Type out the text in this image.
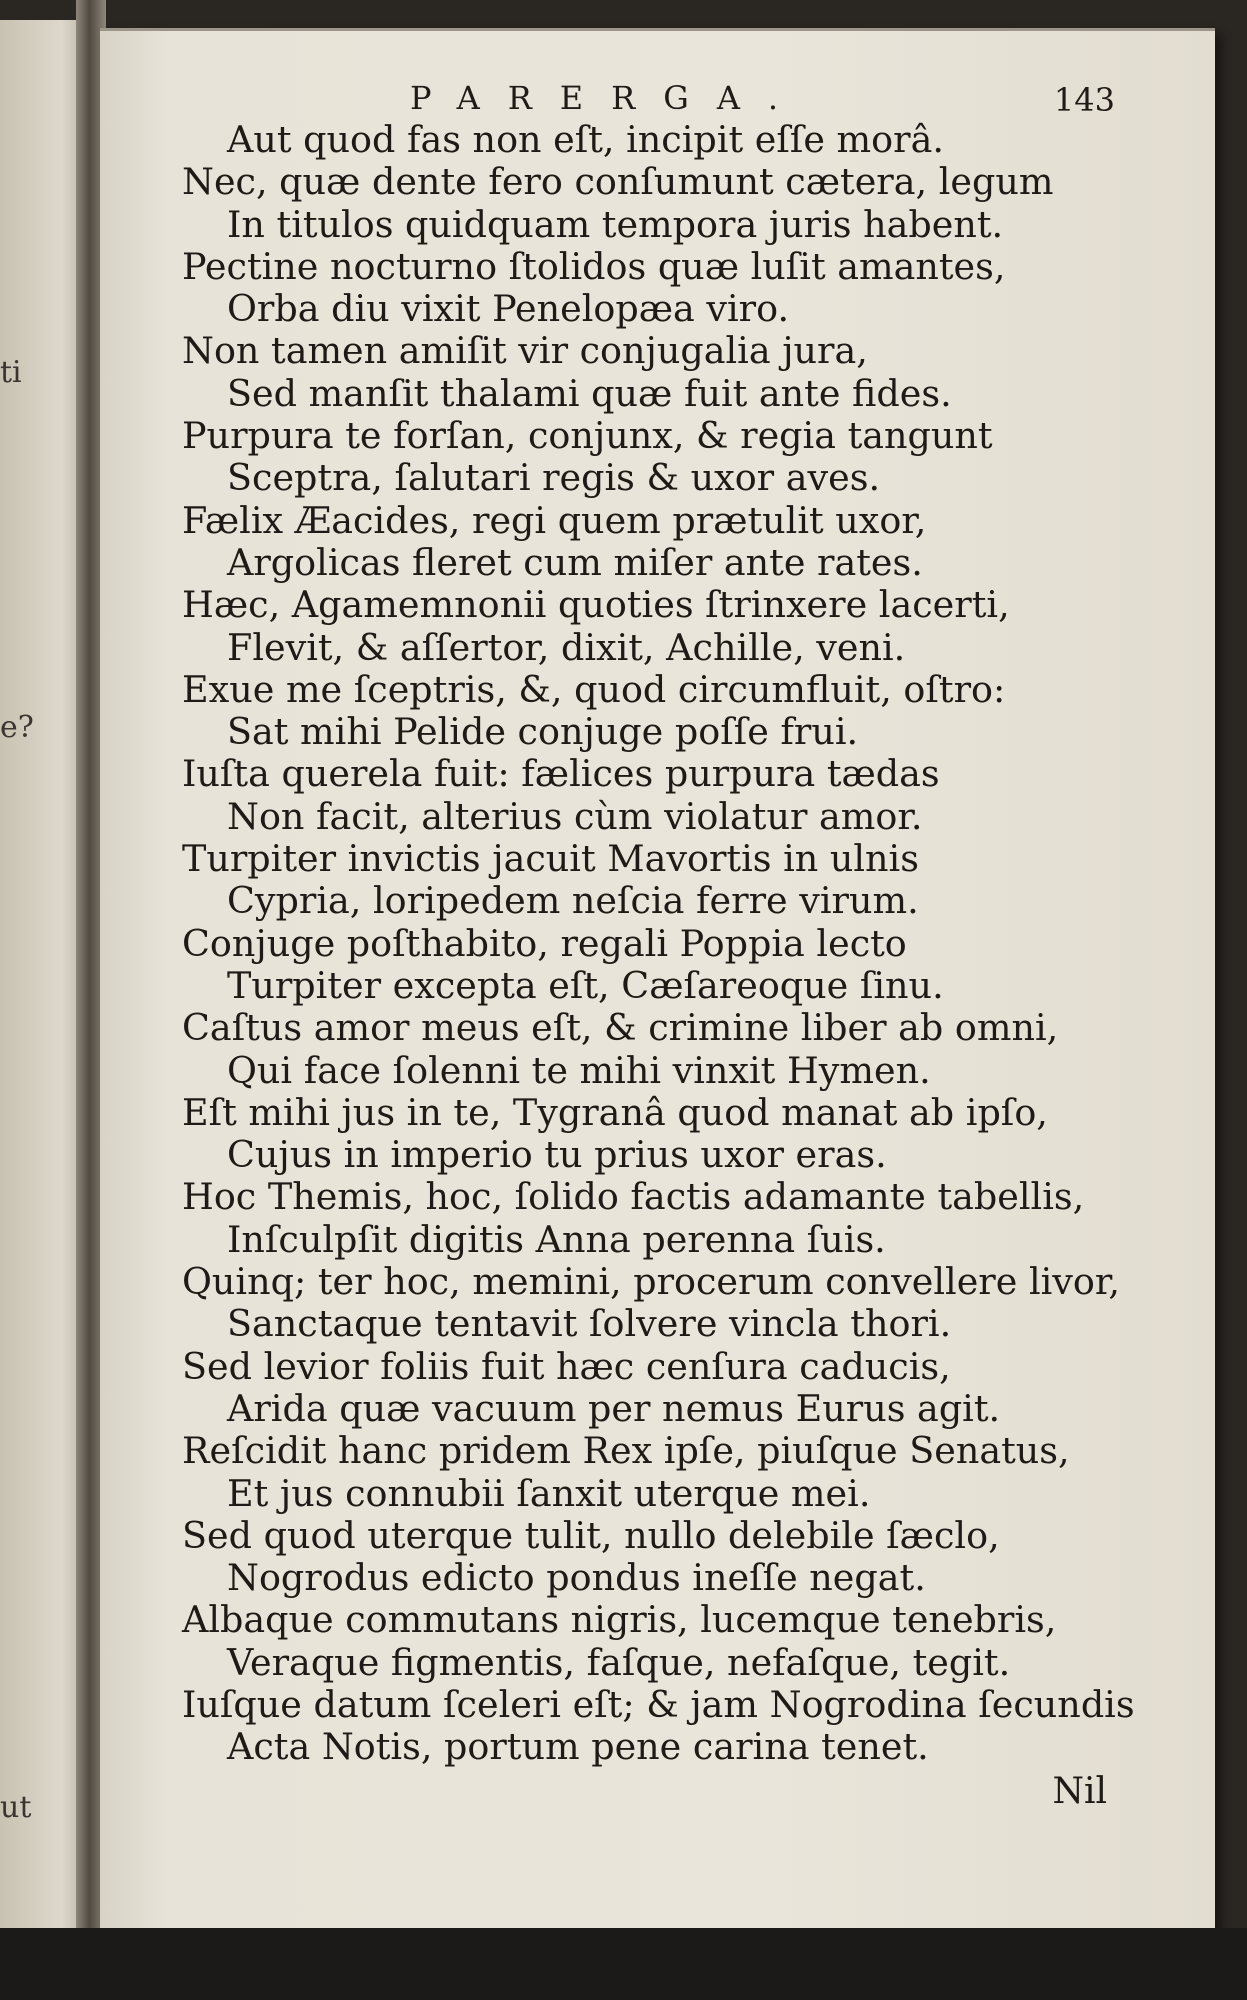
ti
e?
ut
PARERGA.	143
Aut quod fas non eſt, incipit eſſe morâ.
Nec, quæ dente fero conſumunt cætera, legum
In titulos quidquam tempora juris habent.
Pectine nocturno ſtolidos quæ luſit amantes,
Orba diu vixit Penelopæa viro.
Non tamen amiſit vir conjugalia jura,
Sed manſit thalami quæ fuit ante fides.
Purpura te forſan, conjunx, & regia tangunt
Sceptra, ſalutari regis & uxor aves.
Fælix Æacides, regi quem prætulit uxor,
Argolicas fleret cum miſer ante rates.
Hæc, Agamemnonii quoties ſtrinxere lacerti,
Flevit, & aſſertor, dixit, Achille, veni.
Exue me ſceptris, &, quod circumfluit, oſtro:
Sat mihi Pelide conjuge poſſe frui.
Iuſta querela fuit: fælices purpura tædas
Non facit, alterius cùm violatur amor.
Turpiter invictis jacuit Mavortis in ulnis
Cypria, loripedem neſcia ferre virum.
Conjuge poſthabito, regali Poppia lecto
Turpiter excepta eſt, Cæſareoque ſinu.
Caſtus amor meus eſt, & crimine liber ab omni,
Qui face ſolenni te mihi vinxit Hymen.
Eſt mihi jus in te, Tygranâ quod manat ab ipſo,
Cujus in imperio tu prius uxor eras.
Hoc Themis, hoc, ſolido factis adamante tabellis,
Inſculpſit digitis Anna perenna ſuis.
Quinq; ter hoc, memini, procerum convellere livor,
Sanctaque tentavit ſolvere vincla thori.
Sed levior foliis fuit hæc cenſura caducis,
Arida quæ vacuum per nemus Eurus agit.
Reſcidit hanc pridem Rex ipſe, piuſque Senatus,
Et jus connubii ſanxit uterque mei.
Sed quod uterque tulit, nullo delebile ſæclo,
Nogrodus edicto pondus ineſſe negat.
Albaque commutans nigris, lucemque tenebris,
Veraque figmentis, faſque, nefaſque, tegit.
Iuſque datum ſceleri eſt; & jam Nogrodina ſecundis
Acta Notis, portum pene carina tenet.
Nil
